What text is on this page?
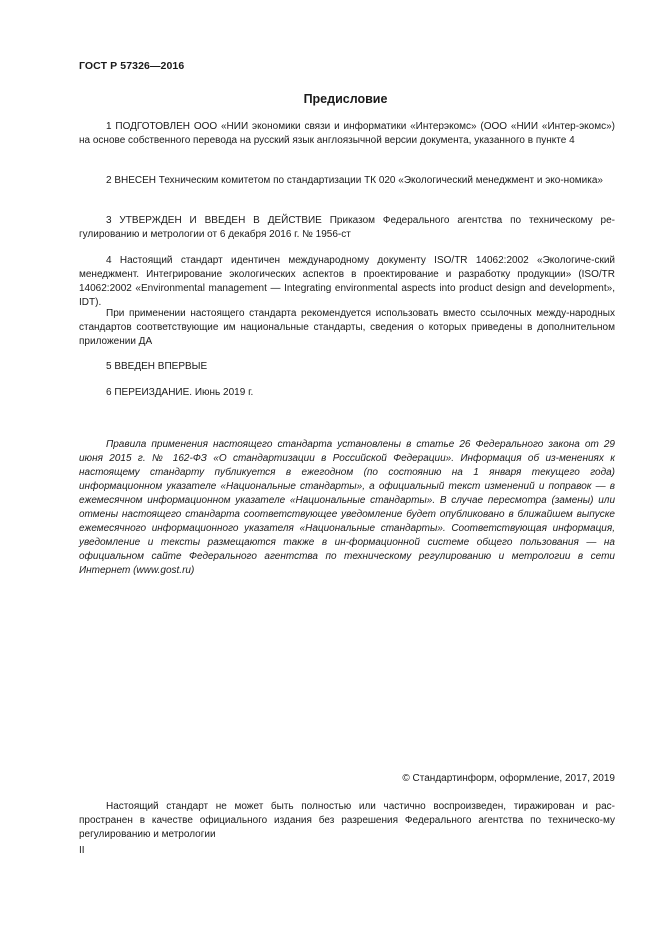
ГОСТ Р 57326—2016
Предисловие
1 ПОДГОТОВЛЕН ООО «НИИ экономики связи и информатики «Интерэкомс» (ООО «НИИ «Интер-экомс») на основе собственного перевода на русский язык англоязычной версии документа, указанного в пункте 4
2 ВНЕСЕН Техническим комитетом по стандартизации ТК 020 «Экологический менеджмент и эко-номика»
3 УТВЕРЖДЕН И ВВЕДЕН В ДЕЙСТВИЕ Приказом Федерального агентства по техническому ре-гулированию и метрологии от 6 декабря 2016 г. № 1956-ст
4 Настоящий стандарт идентичен международному документу ISO/TR 14062:2002 «Экологиче-ский менеджмент. Интегрирование экологических аспектов в проектирование и разработку продукции» (ISO/TR 14062:2002 «Environmental management — Integrating environmental aspects into product design and development», IDT).
При применении настоящего стандарта рекомендуется использовать вместо ссылочных между-народных стандартов соответствующие им национальные стандарты, сведения о которых приведены в дополнительном приложении ДА
5 ВВЕДЕН ВПЕРВЫЕ
6 ПЕРЕИЗДАНИЕ. Июнь 2019 г.
Правила применения настоящего стандарта установлены в статье 26 Федерального закона от 29 июня 2015 г. № 162-ФЗ «О стандартизации в Российской Федерации». Информация об из-менениях к настоящему стандарту публикуется в ежегодном (по состоянию на 1 января текущего года) информационном указателе «Национальные стандарты», а официальный текст изменений и поправок — в ежемесячном информационном указателе «Национальные стандарты». В случае пересмотра (замены) или отмены настоящего стандарта соответствующее уведомление будет опубликовано в ближайшем выпуске ежемесячного информационного указателя «Национальные стандарты». Соответствующая информация, уведомление и тексты размещаются также в ин-формационной системе общего пользования — на официальном сайте Федерального агентства по техническому регулированию и метрологии в сети Интернет (www.gost.ru)
© Стандартинформ, оформление, 2017, 2019
Настоящий стандарт не может быть полностью или частично воспроизведен, тиражирован и рас-пространен в качестве официального издания без разрешения Федерального агентства по техническо-му регулированию и метрологии
II
